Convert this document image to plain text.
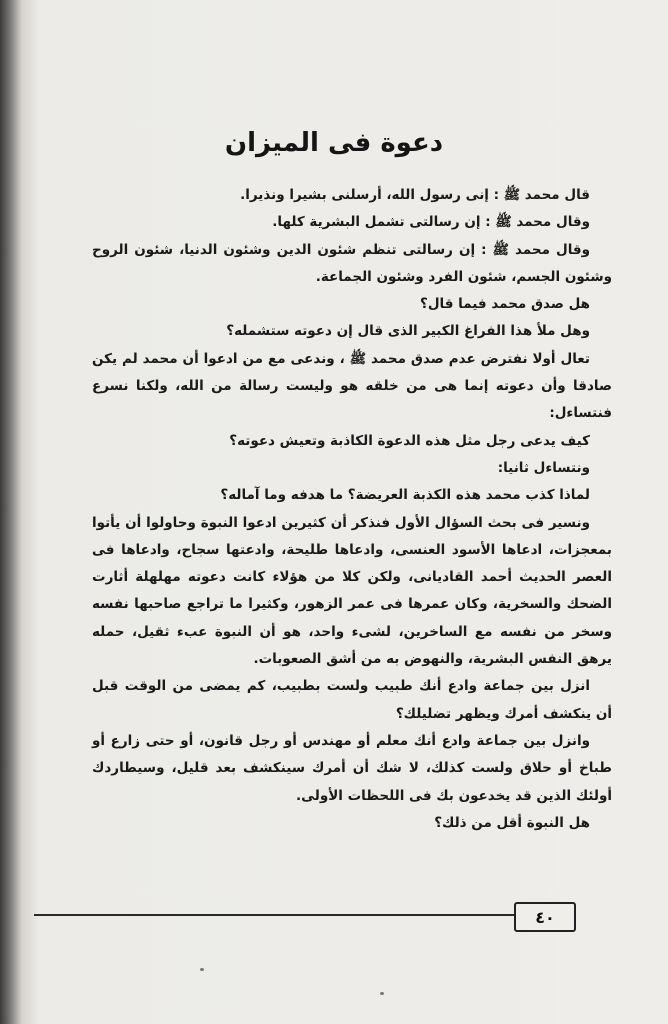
دعوة فى الميزان

قال محمد ﷺ : إنى رسول الله، أرسلنى بشيرا ونذيرا.

وقال محمد ﷺ : إن رسالتى تشمل البشرية كلها.

وقال محمد ﷺ : إن رسالتى تنظم شئون الدين وشئون الدنيا، شئون الروح وشئون الجسم، شئون الفرد وشئون الجماعة.

هل صدق محمد فيما قال؟

وهل ملأ هذا الفراغ الكبير الذى قال إن دعوته ستشمله؟

تعال أولا نفترض عدم صدق محمد ﷺ ، وندعى مع من ادعوا أن محمد لم يكن صادقا وأن دعوته إنما هى من خلقه هو وليست رسالة من الله، ولكنا نسرع فنتساءل:

كيف يدعى رجل مثل هذه الدعوة الكاذبة وتعيش دعوته؟

ونتساءل ثانيا:

لماذا كذب محمد هذه الكذبة العريضة؟ ما هدفه وما آماله؟

ونسير فى بحث السؤال الأول فنذكر أن كثيرين ادعوا النبوة وحاولوا أن يأتوا بمعجزات، ادعاها الأسود العنسى، وادعاها طليحة، وادعتها سجاح، وادعاها فى العصر الحديث أحمد القاديانى، ولكن كلا من هؤلاء كانت دعوته مهلهلة أثارت الضحك والسخرية، وكان عمرها فى عمر الزهور، وكثيرا ما تراجع صاحبها نفسه وسخر من نفسه مع الساخرين، لشىء واحد، هو أن النبوة عبء ثقيل، حمله يرهق النفس البشرية، والنهوض به من أشق الصعوبات.

انزل بين جماعة وادع أنك طبيب ولست بطبيب، كم يمضى من الوقت قبل أن ينكشف أمرك ويظهر تضليلك؟

وانزل بين جماعة وادع أنك معلم أو مهندس أو رجل قانون، أو حتى زارع أو طباخ أو حلاق ولست كذلك، لا شك أن أمرك سينكشف بعد قليل، وسيطاردك أولئك الذين قد يخدعون بك فى اللحظات الأولى.

هل النبوة أقل من ذلك؟

٤٠
